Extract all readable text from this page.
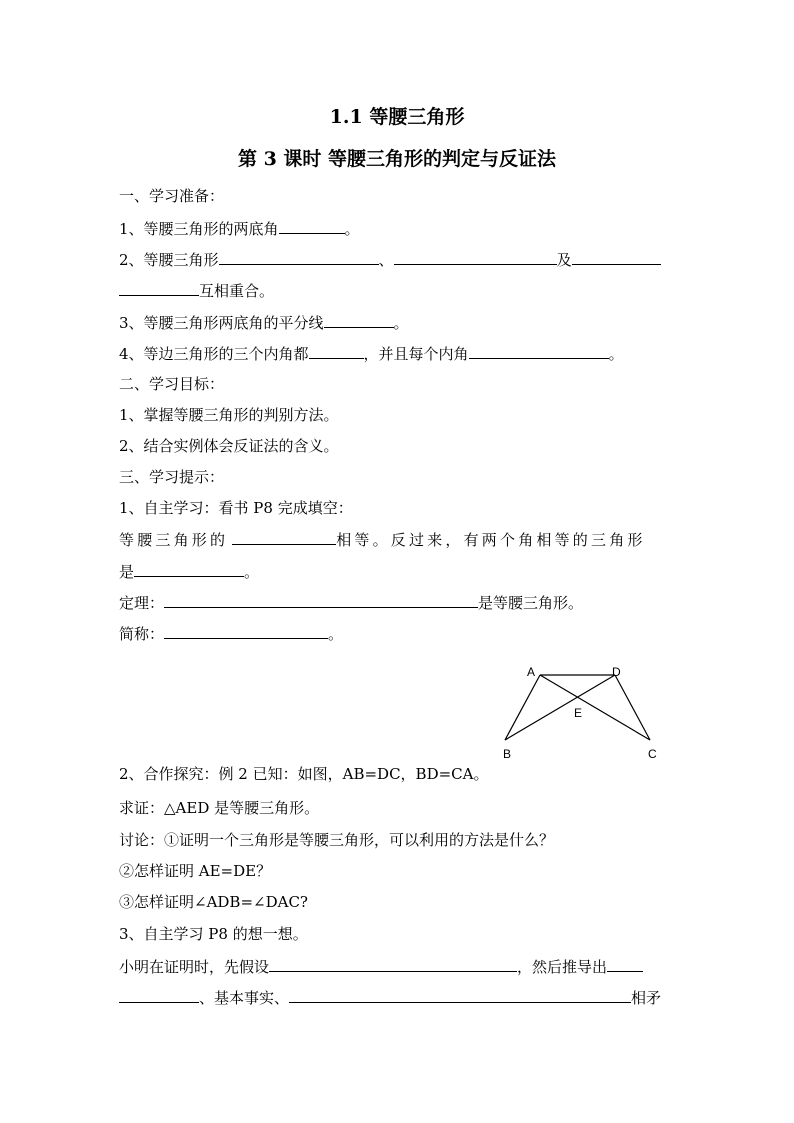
1.1 等腰三角形
第 3 课时 等腰三角形的判定与反证法
一、学习准备：
1、等腰三角形的两底角	。
2、等腰三角形	、	及
互相重合。
3、等腰三角形两底角的平分线	。
4、等边三角形的三个内角都	，并且每个内角	。
二、学习目标：
1、掌握等腰三角形的判别方法。
2、结合实例体会反证法的含义。
三、学习提示：
1、自主学习：看书 P8 完成填空：
等腰三角形的	相等。反过来，有两个角相等的三角形
是	。
定理：	是等腰三角形。
简称：	。
A	D
E
B	C
2、合作探究：例 2 已知：如图，AB=DC，BD=CA。
求证：△AED 是等腰三角形。
讨论：①证明一个三角形是等腰三角形，可以利用的方法是什么？
②怎样证明 AE=DE？
③怎样证明∠ADB=∠DAC?
3、自主学习 P8 的想一想。
小明在证明时，先假设	，然后推导出
、基本事实、	相矛
